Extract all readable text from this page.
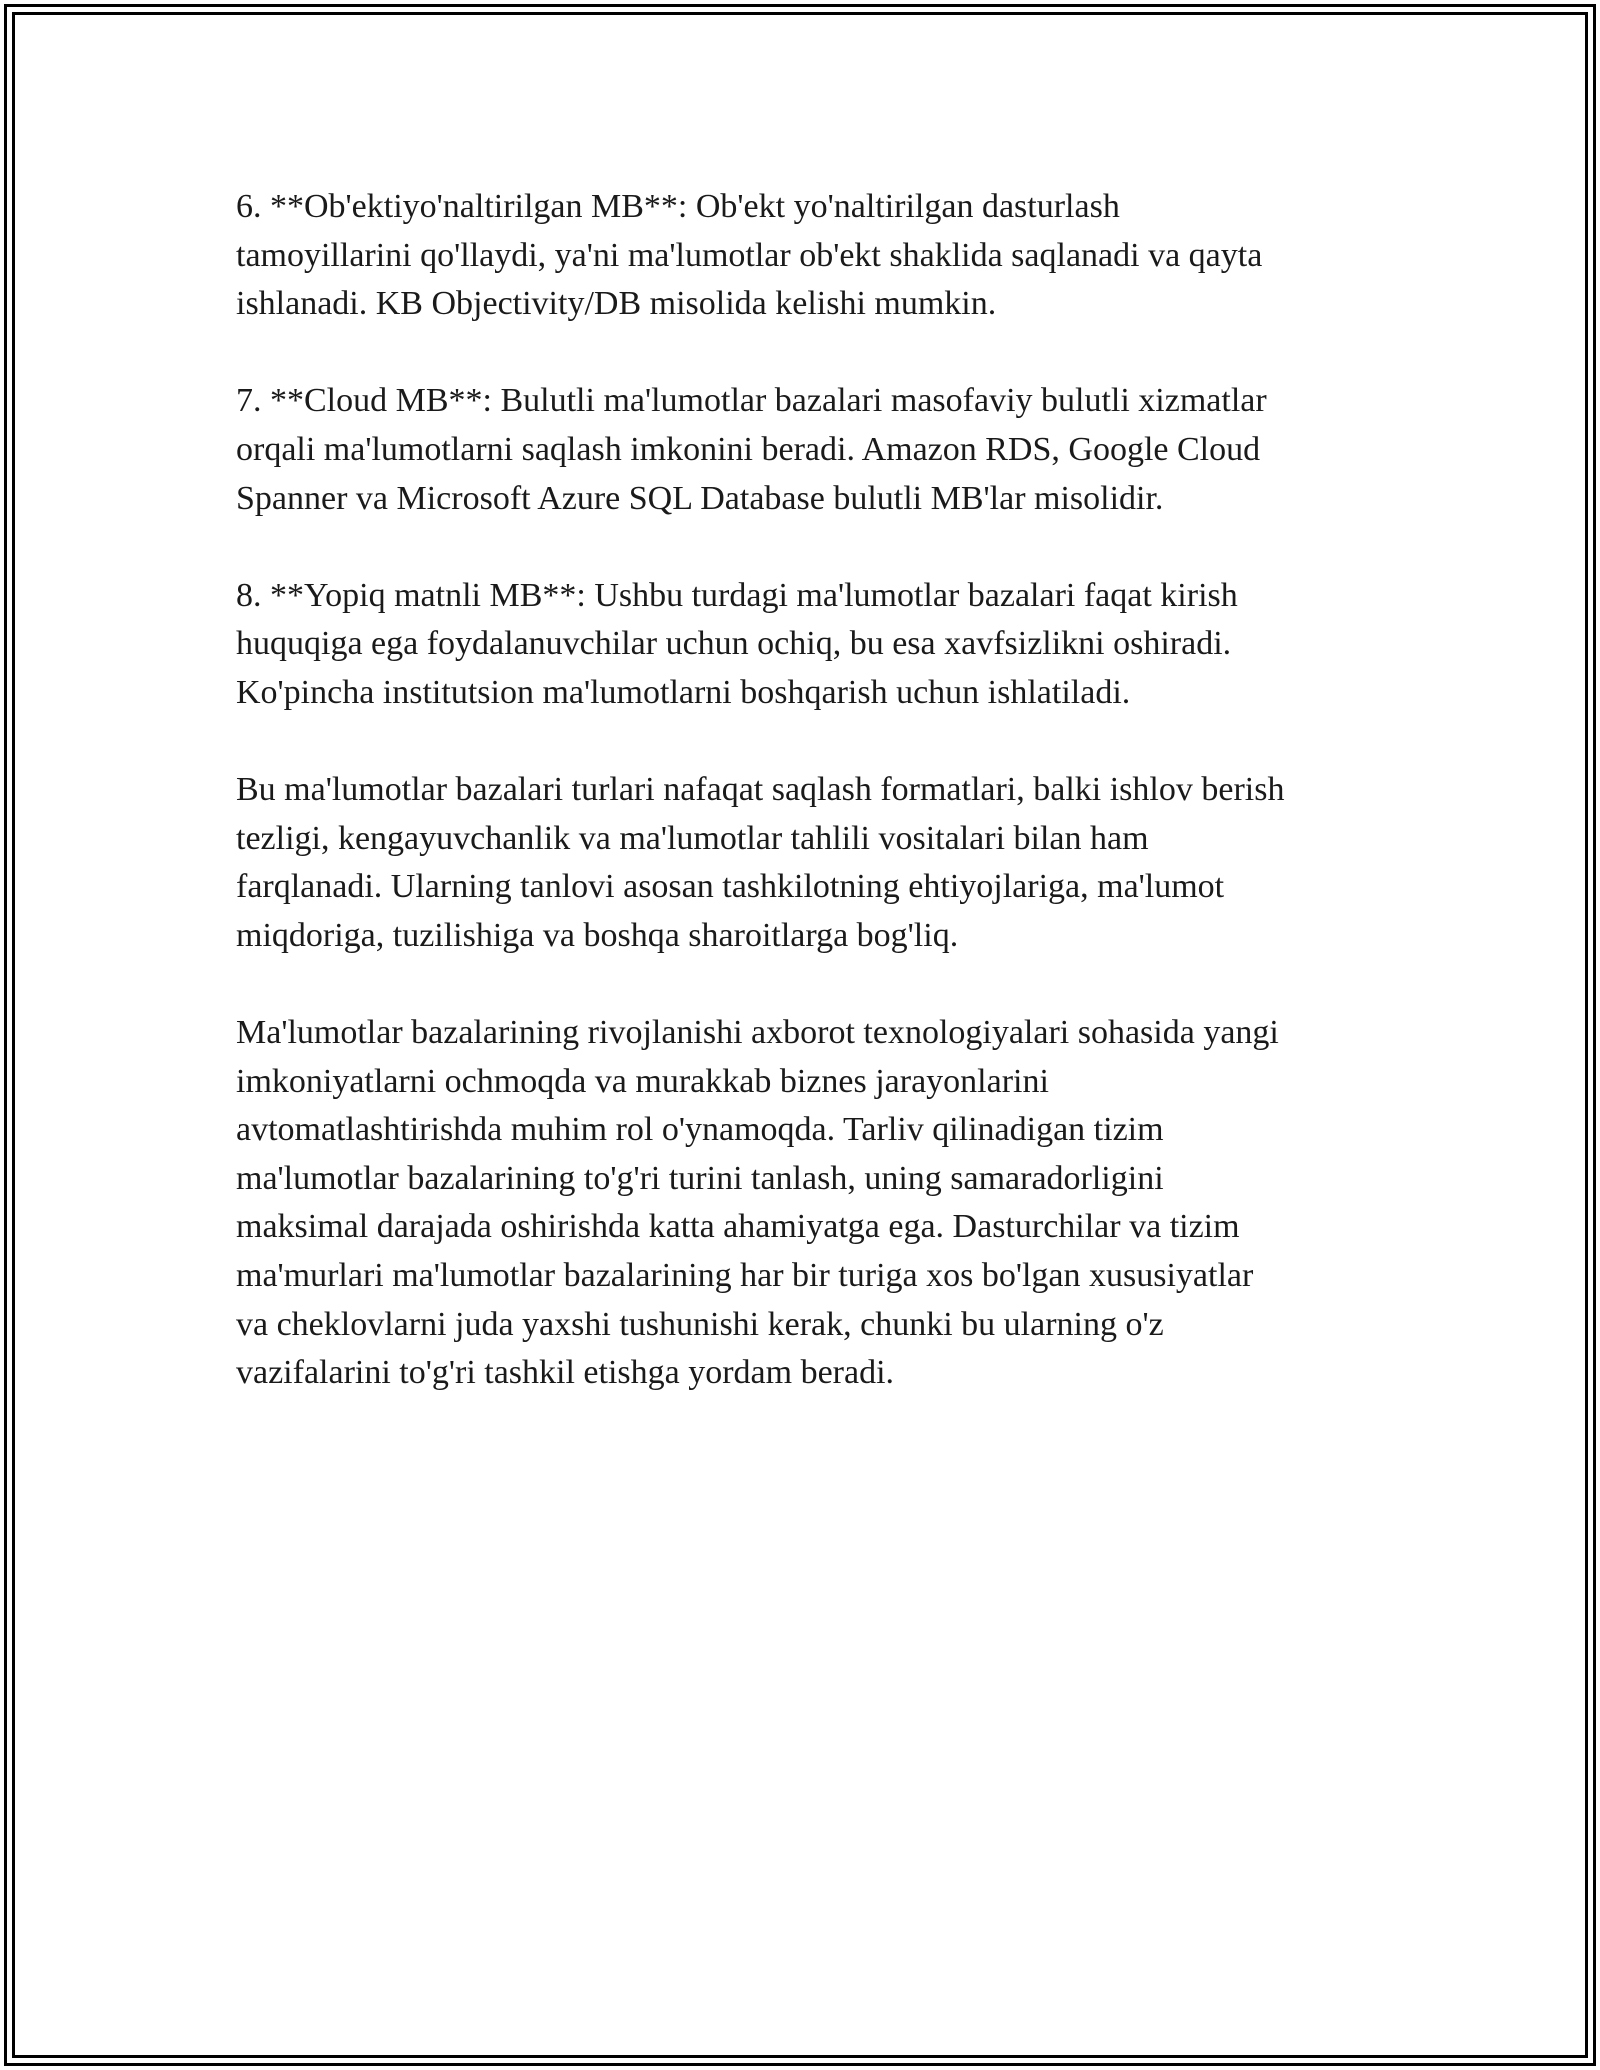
6. **Ob'ektiyo'naltirilgan MB**: Ob'ekt yo'naltirilgan dasturlash
tamoyillarini qo'llaydi, ya'ni ma'lumotlar ob'ekt shaklida saqlanadi va qayta
ishlanadi. KB Objectivity/DB misolida kelishi mumkin.

7. **Cloud MB**: Bulutli ma'lumotlar bazalari masofaviy bulutli xizmatlar
orqali ma'lumotlarni saqlash imkonini beradi. Amazon RDS, Google Cloud
Spanner va Microsoft Azure SQL Database bulutli MB'lar misolidir.

8. **Yopiq matnli MB**: Ushbu turdagi ma'lumotlar bazalari faqat kirish
huquqiga ega foydalanuvchilar uchun ochiq, bu esa xavfsizlikni oshiradi.
Ko'pincha institutsion ma'lumotlarni boshqarish uchun ishlatiladi.

Bu ma'lumotlar bazalari turlari nafaqat saqlash formatlari, balki ishlov berish
tezligi, kengayuvchanlik va ma'lumotlar tahlili vositalari bilan ham
farqlanadi. Ularning tanlovi asosan tashkilotning ehtiyojlariga, ma'lumot
miqdoriga, tuzilishiga va boshqa sharoitlarga bog'liq.

Ma'lumotlar bazalarining rivojlanishi axborot texnologiyalari sohasida yangi
imkoniyatlarni ochmoqda va murakkab biznes jarayonlarini
avtomatlashtirishda muhim rol o'ynamoqda. Tarliv qilinadigan tizim
ma'lumotlar bazalarining to'g'ri turini tanlash, uning samaradorligini
maksimal darajada oshirishda katta ahamiyatga ega. Dasturchilar va tizim
ma'murlari ma'lumotlar bazalarining har bir turiga xos bo'lgan xususiyatlar
va cheklovlarni juda yaxshi tushunishi kerak, chunki bu ularning o'z
vazifalarini to'g'ri tashkil etishga yordam beradi.
